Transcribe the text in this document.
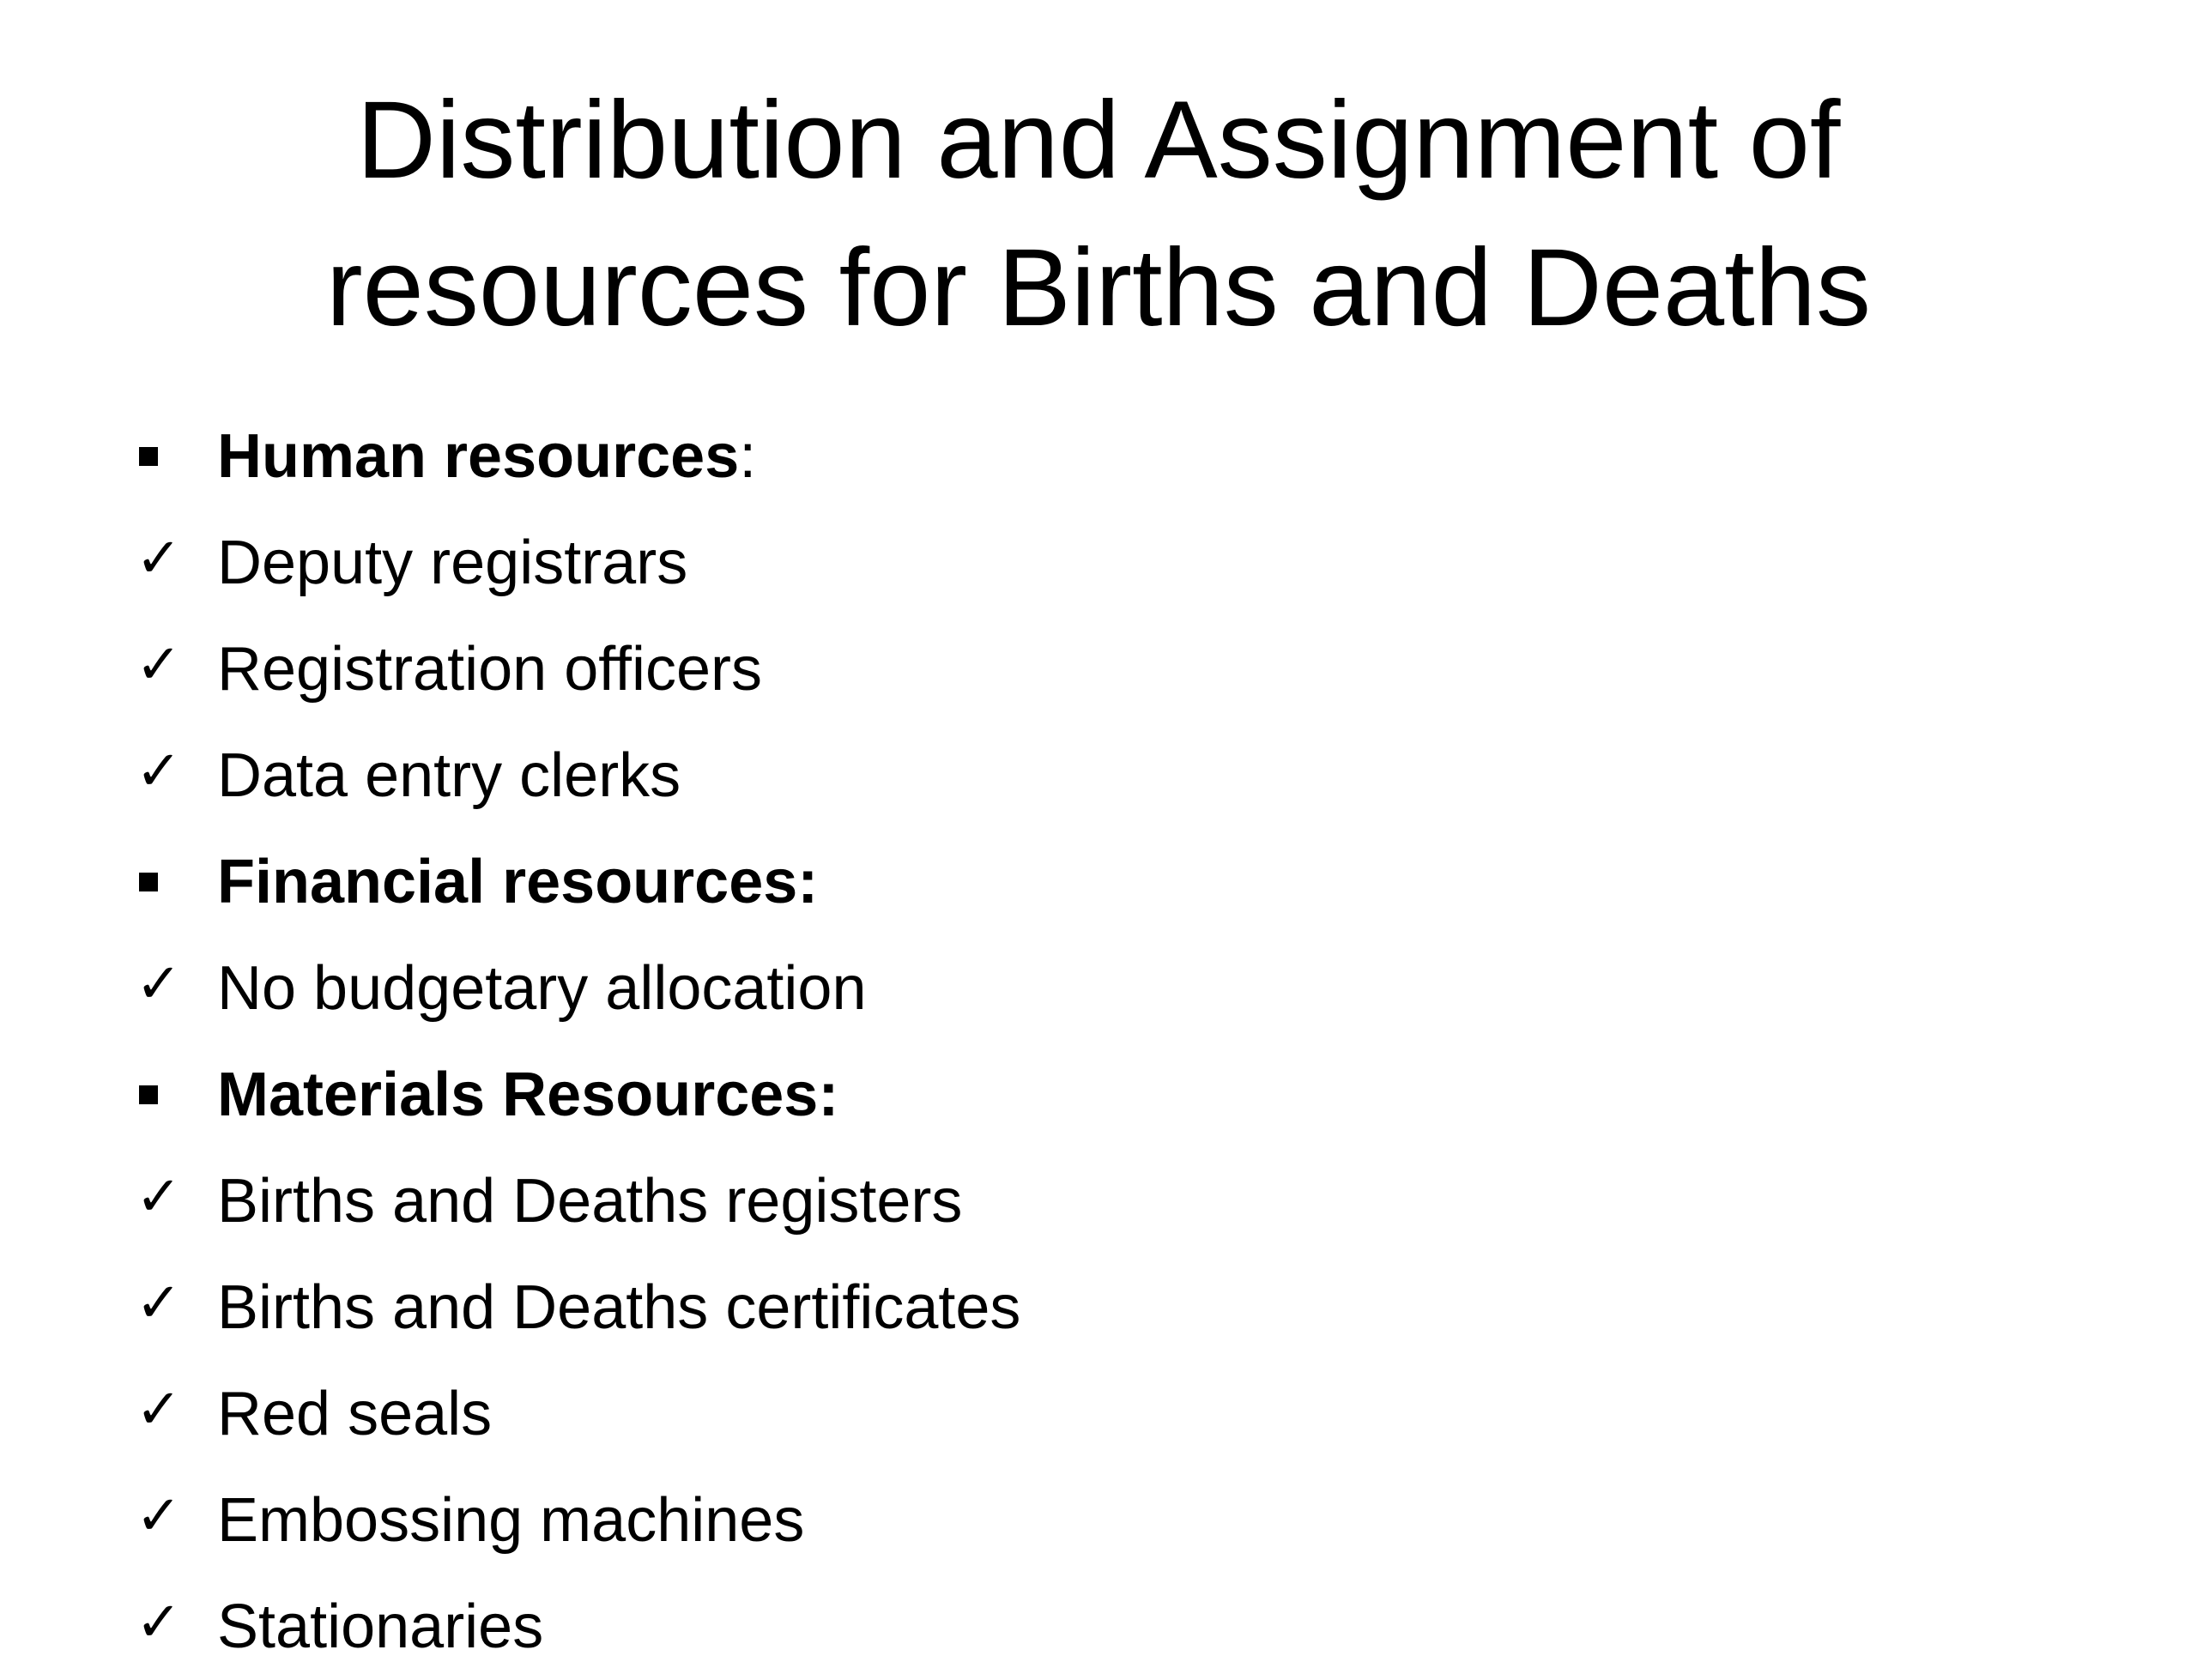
Distribution and Assignment of
resources for Births and Deaths
Human resources:
✓ Deputy registrars
✓ Registration officers
✓ Data entry clerks
Financial resources:
✓ No budgetary allocation
Materials Resources:
✓ Births and Deaths registers
✓ Births and Deaths certificates
✓ Red seals
✓ Embossing machines
✓ Stationaries
